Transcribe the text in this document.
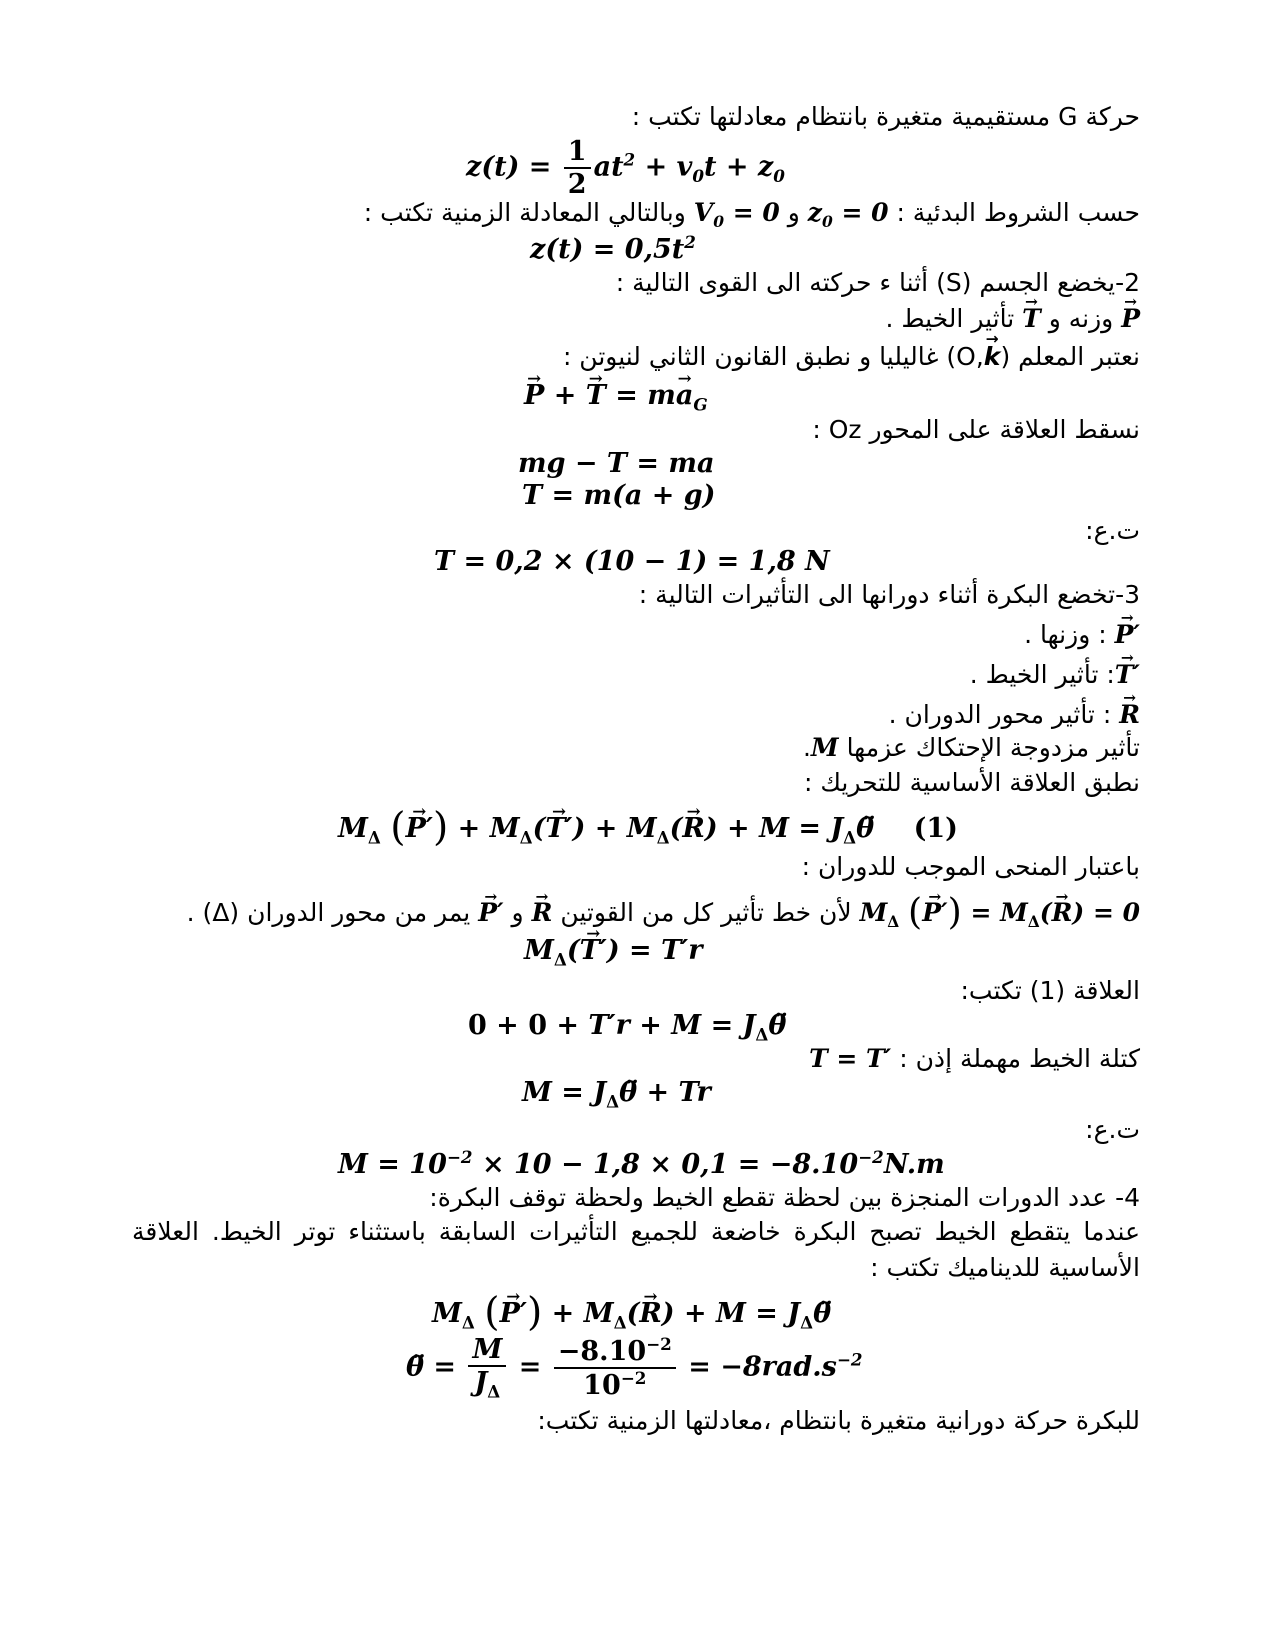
حركة G مستقيمية متغيرة بانتظام معادلتها تكتب :
$z(t) = \frac{1}{2} at^2 + v_0t + z_0$
حسب الشروط البدئية : $z_0 = 0$ و $V_0 = 0$ وبالتالي المعادلة الزمنية تكتب :
$z(t) = 0,5t^2$
2-يخضع الجسم (S) أثنا ء حركته الى القوى التالية :
→ P وزنه و → T تأثير الخيط .
نعتبر المعلم (O,→ k) غاليليا و نطبق القانون الثاني لنيوتن :
→ P + → $T = m\to a_G$
نسقط العلاقة على المحور Oz :
mg − T = ma
T = m(a + g)
ت.ع:
T = 0,2 × (10 − 1) = 1,8 N
3-تخضع البكرة أثناء دورانها الى التأثيرات التالية :
→ P′ : وزنها .
→ T′: تأثير الخيط .
→ R : تأثير محور الدوران .
تأثير مزدوجة الإحتكاك عزمها M.
نطبق العلاقة الأساسية للتحريك :
$M_\Delta$ (→ $P') + M_\Delta(\to T') + M_\Delta(\to R) + M$ = $J_\Delta\thetä$ (1)
باعتبار المنحى الموجب للدوران :
$M_\Delta$ (→ $P') = M_\Delta(\to R) = 0$ لأن خط تأثير كل من القوتين → R و → P′ يمر من محور الدوران (Δ) .
$M_\Delta(\to T') = T'r$
العلاقة (1) تكتب:
$0 + 0 + T'r + M = J_\Delta\thetä$
كتلة الخيط مهملة إذن : T = T′
$M = J_\Delta\thetä + Tr$
ت.ع:
$M = 10^{-2} \times 10 - 1,8 \times 0,1 = -8.10^{-2}N.m$
4- عدد الدورات المنجزة بين لحظة تقطع الخيط ولحظة توقف البكرة:
عندما يتقطع الخيط تصبح البكرة خاضعة للجميع التأثيرات السابقة باستثناء توتر الخيط. العلاقة الأساسية للديناميك تكتب :
$M_\Delta$ (→ $P') + M_\Delta(\to R) + M$ = $J_\Delta\thetä$
θ̈ = $\frac{M}{J_\Delta} = \frac{-8.10^{-2}}{10^{-2}} = -8rad.s^{-2}$
للبكرة حركة دورانية متغيرة بانتظام ،معادلتها الزمنية تكتب:
